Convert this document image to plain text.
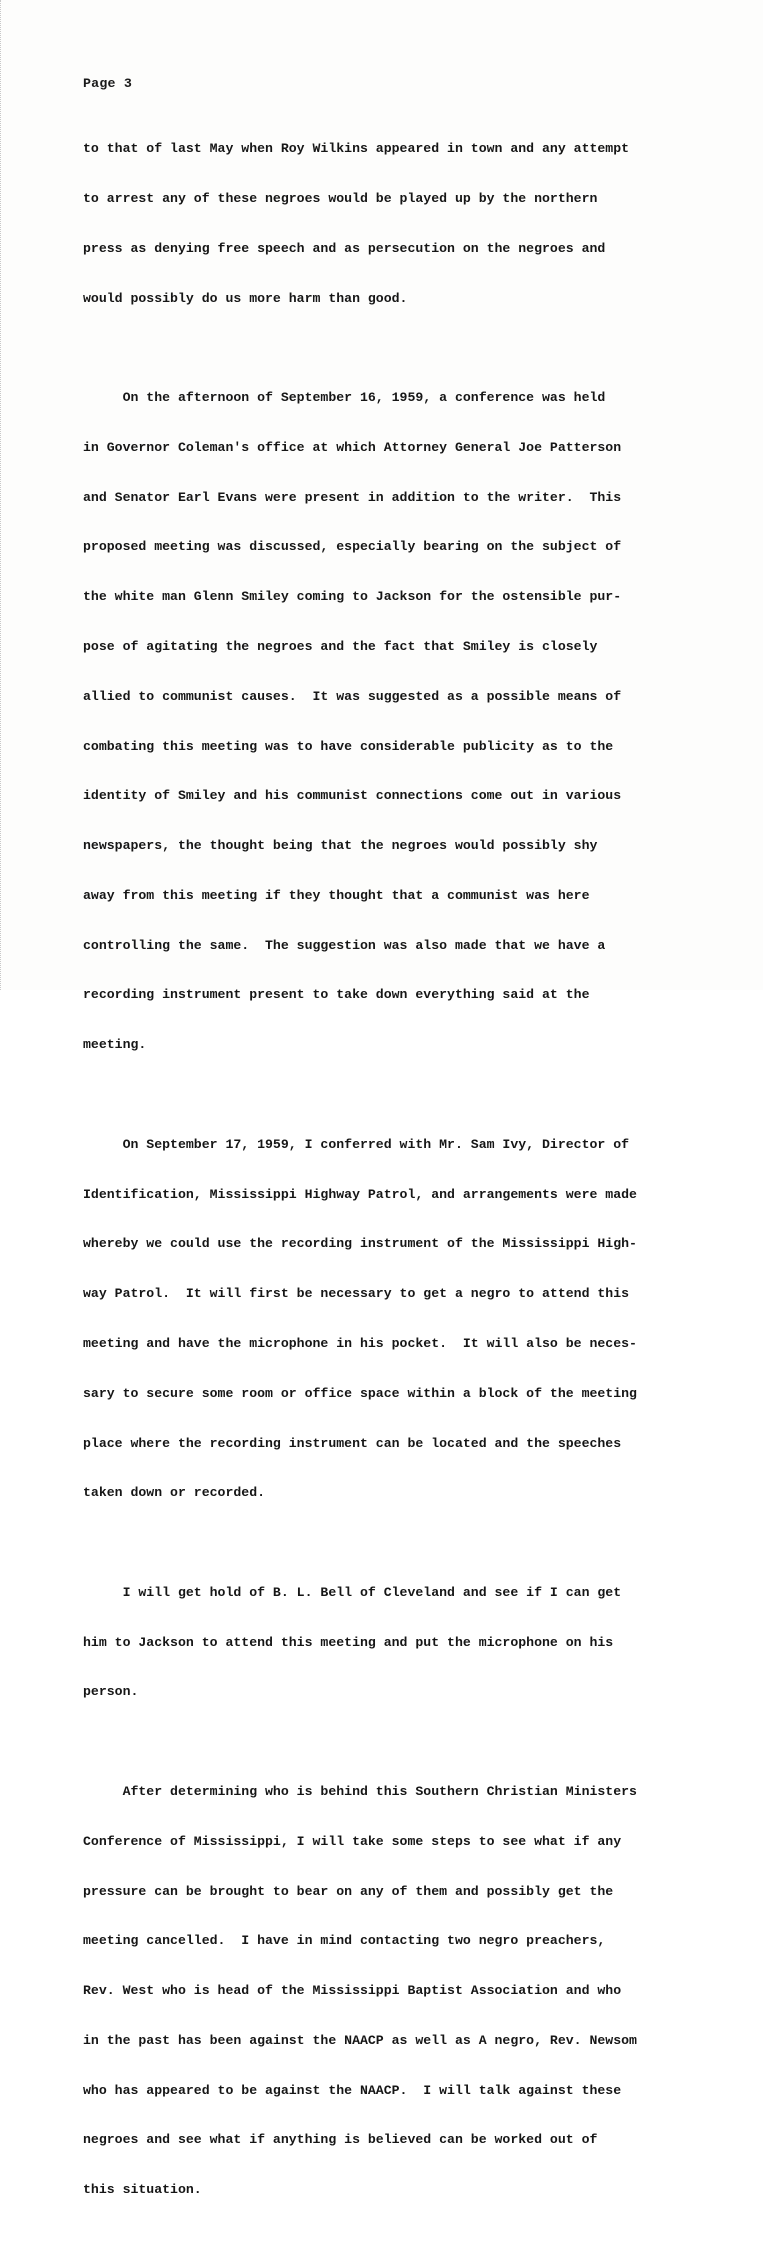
Page 3

to that of last May when Roy Wilkins appeared in town and any attempt

to arrest any of these negroes would be played up by the northern

press as denying free speech and as persecution on the negroes and

would possibly do us more harm than good.

On the afternoon of September 16, 1959, a conference was held

in Governor Coleman's office at which Attorney General Joe Patterson

and Senator Earl Evans were present in addition to the writer.  This

proposed meeting was discussed, especially bearing on the subject of

the white man Glenn Smiley coming to Jackson for the ostensible pur-

pose of agitating the negroes and the fact that Smiley is closely

allied to communist causes.  It was suggested as a possible means of

combating this meeting was to have considerable publicity as to the

identity of Smiley and his communist connections come out in various

newspapers, the thought being that the negroes would possibly shy

away from this meeting if they thought that a communist was here

controlling the same.  The suggestion was also made that we have a

recording instrument present to take down everything said at the

meeting.

On September 17, 1959, I conferred with Mr. Sam Ivy, Director of

Identification, Mississippi Highway Patrol, and arrangements were made

whereby we could use the recording instrument of the Mississippi High-

way Patrol.  It will first be necessary to get a negro to attend this

meeting and have the microphone in his pocket.  It will also be neces-

sary to secure some room or office space within a block of the meeting

place where the recording instrument can be located and the speeches

taken down or recorded.

I will get hold of B. L. Bell of Cleveland and see if I can get

him to Jackson to attend this meeting and put the microphone on his

person.

After determining who is behind this Southern Christian Ministers

Conference of Mississippi, I will take some steps to see what if any

pressure can be brought to bear on any of them and possibly get the

meeting cancelled.  I have in mind contacting two negro preachers,

Rev. West who is head of the Mississippi Baptist Association and who

in the past has been against the NAACP as well as A negro, Rev. Newsom

who has appeared to be against the NAACP.  I will talk against these

negroes and see what if anything is believed can be worked out of

this situation.
